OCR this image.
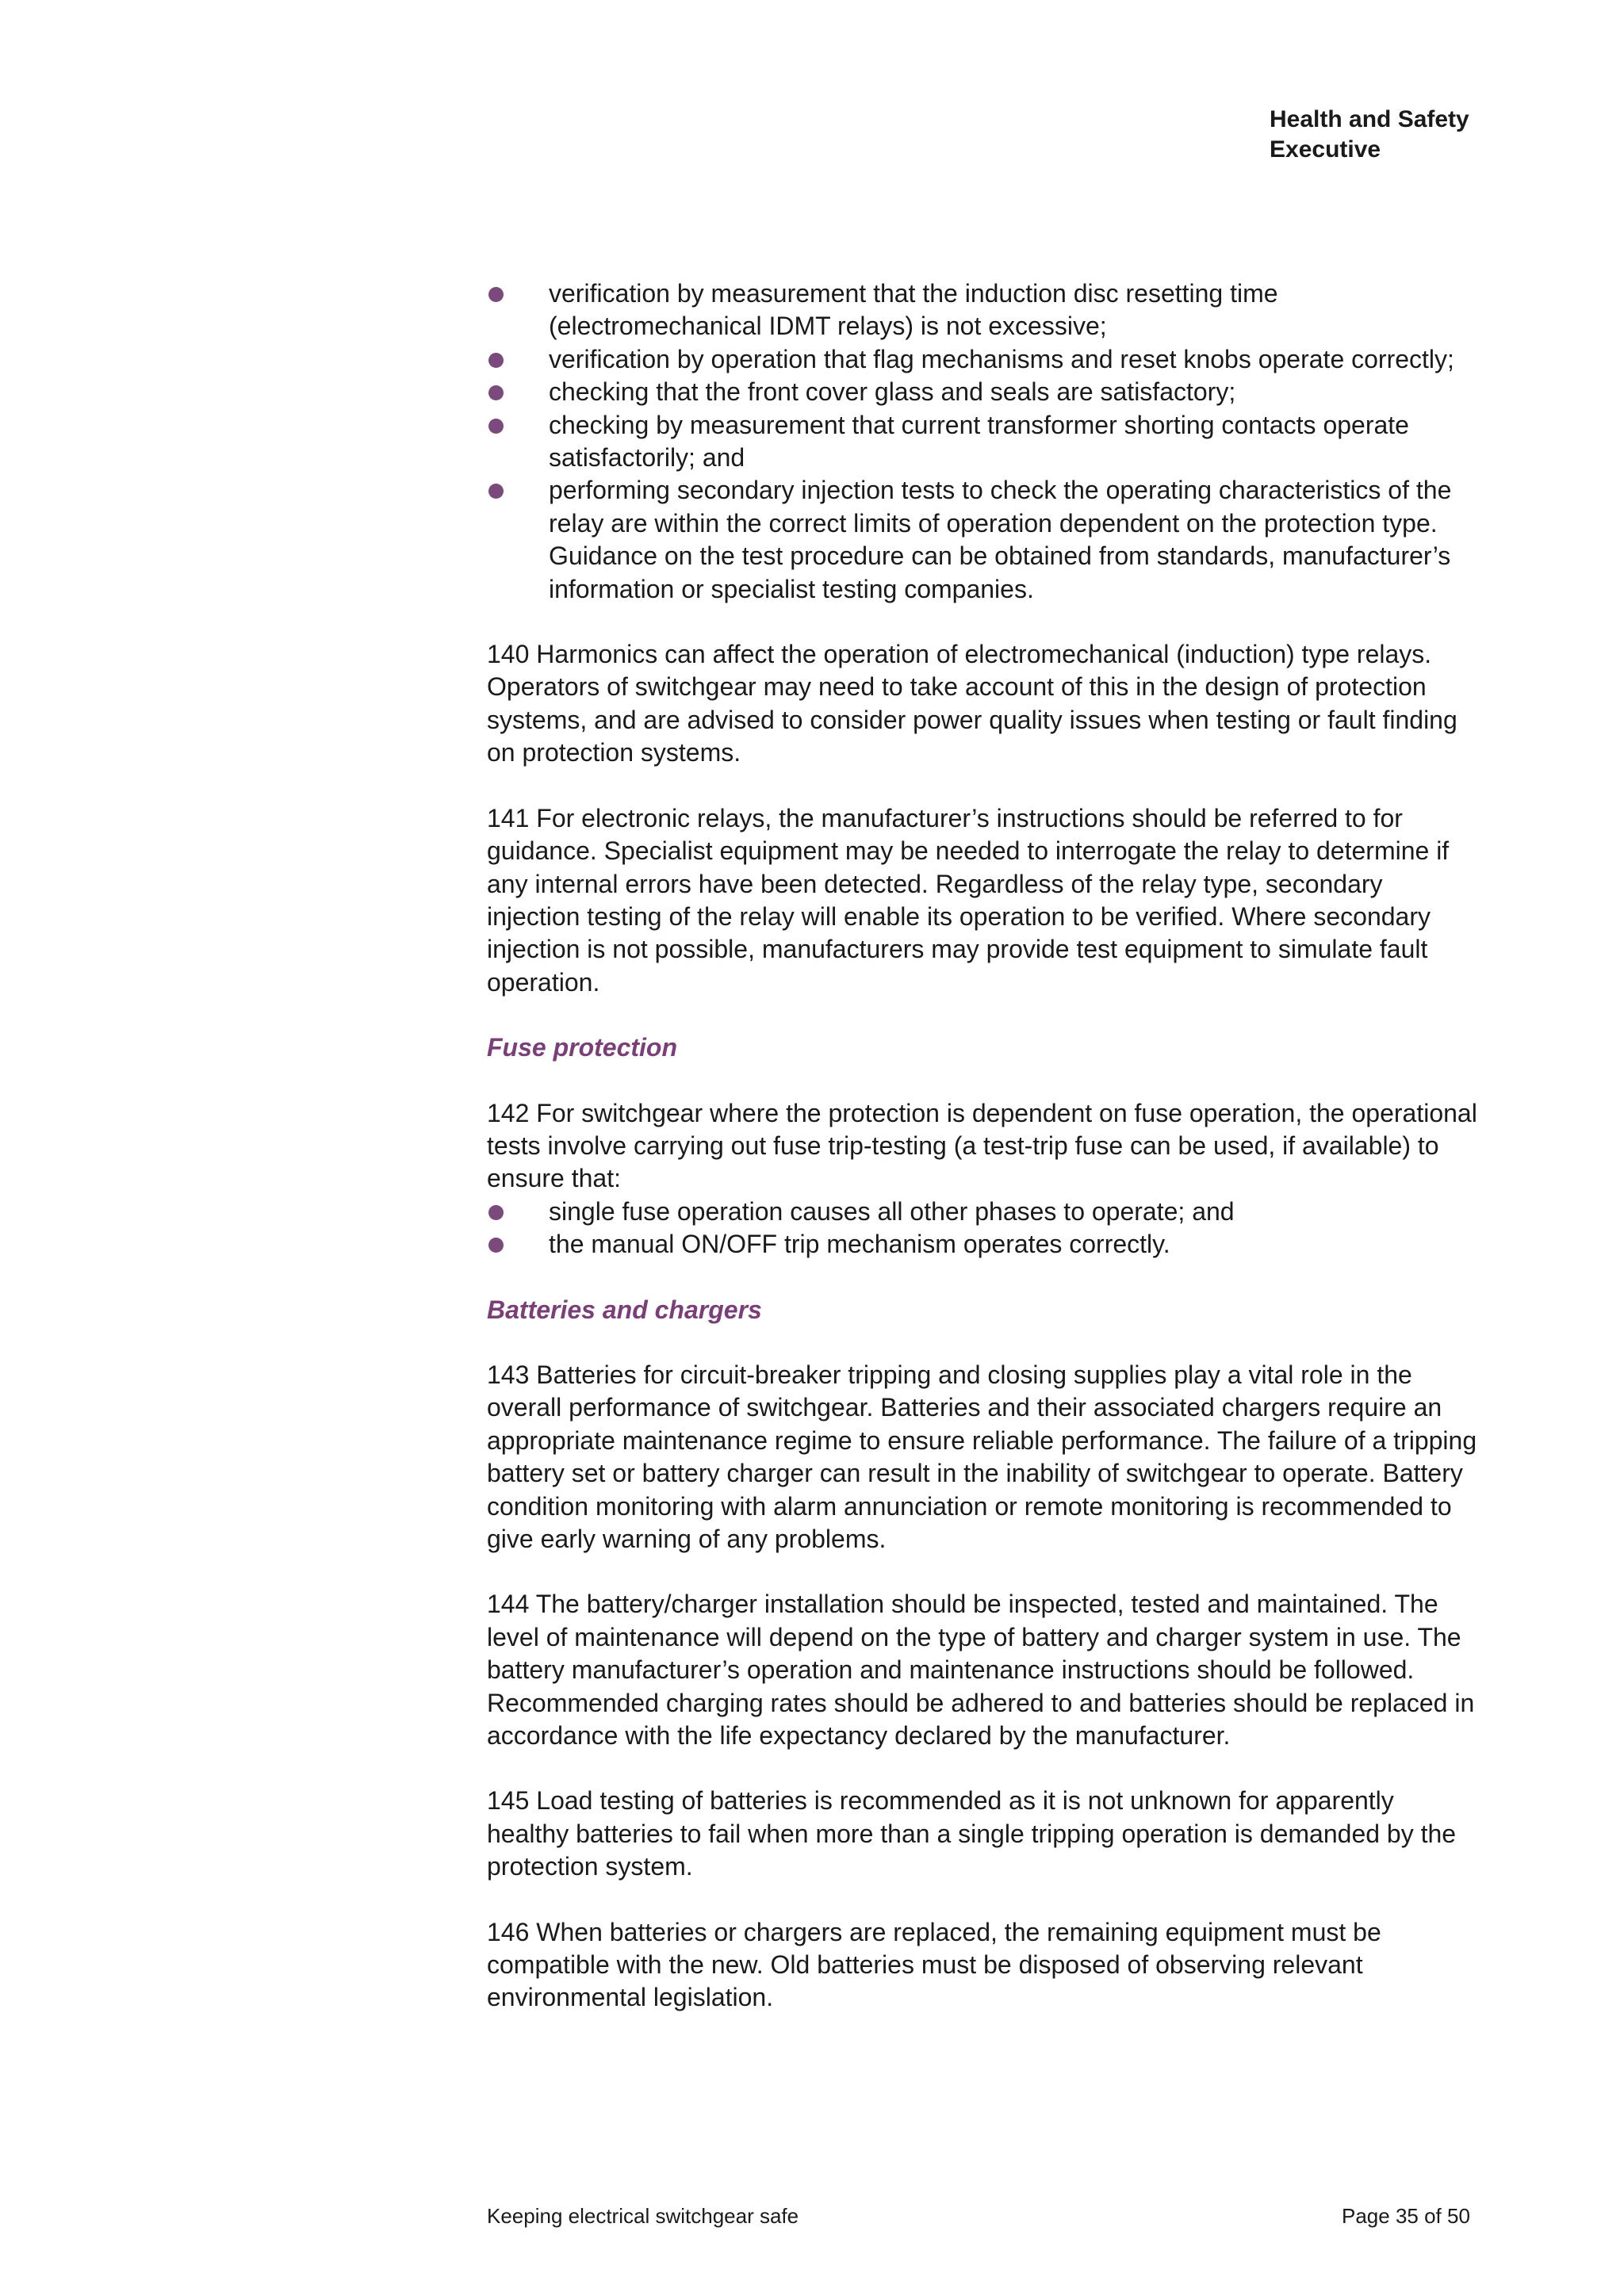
Health and Safety
Executive
verification by measurement that the induction disc resetting time (electromechanical IDMT relays) is not excessive;
verification by operation that flag mechanisms and reset knobs operate correctly;
checking that the front cover glass and seals are satisfactory;
checking by measurement that current transformer shorting contacts operate satisfactorily; and
performing secondary injection tests to check the operating characteristics of the relay are within the correct limits of operation dependent on the protection type. Guidance on the test procedure can be obtained from standards, manufacturer’s information or specialist testing companies.

140 Harmonics can affect the operation of electromechanical (induction) type relays. Operators of switchgear may need to take account of this in the design of protection systems, and are advised to consider power quality issues when testing or fault finding on protection systems.

141 For electronic relays, the manufacturer’s instructions should be referred to for guidance. Specialist equipment may be needed to interrogate the relay to determine if any internal errors have been detected. Regardless of the relay type, secondary injection testing of the relay will enable its operation to be verified. Where secondary injection is not possible, manufacturers may provide test equipment to simulate fault operation.

Fuse protection

142 For switchgear where the protection is dependent on fuse operation, the operational tests involve carrying out fuse trip-testing (a test-trip fuse can be used, if available) to ensure that:

single fuse operation causes all other phases to operate; and
the manual ON/OFF trip mechanism operates correctly.
Batteries and chargers

143 Batteries for circuit-breaker tripping and closing supplies play a vital role in the overall performance of switchgear. Batteries and their associated chargers require an appropriate maintenance regime to ensure reliable performance. The failure of a tripping battery set or battery charger can result in the inability of switchgear to operate. Battery condition monitoring with alarm annunciation or remote monitoring is recommended to give early warning of any problems.

144 The battery/charger installation should be inspected, tested and maintained. The level of maintenance will depend on the type of battery and charger system in use. The battery manufacturer’s operation and maintenance instructions should be followed. Recommended charging rates should be adhered to and batteries should be replaced in accordance with the life expectancy declared by the manufacturer.

145 Load testing of batteries is recommended as it is not unknown for apparently healthy batteries to fail when more than a single tripping operation is demanded by the protection system.

146 When batteries or chargers are replaced, the remaining equipment must be compatible with the new. Old batteries must be disposed of observing relevant environmental legislation.

Keeping electrical switchgear safe	Page 35 of 50
